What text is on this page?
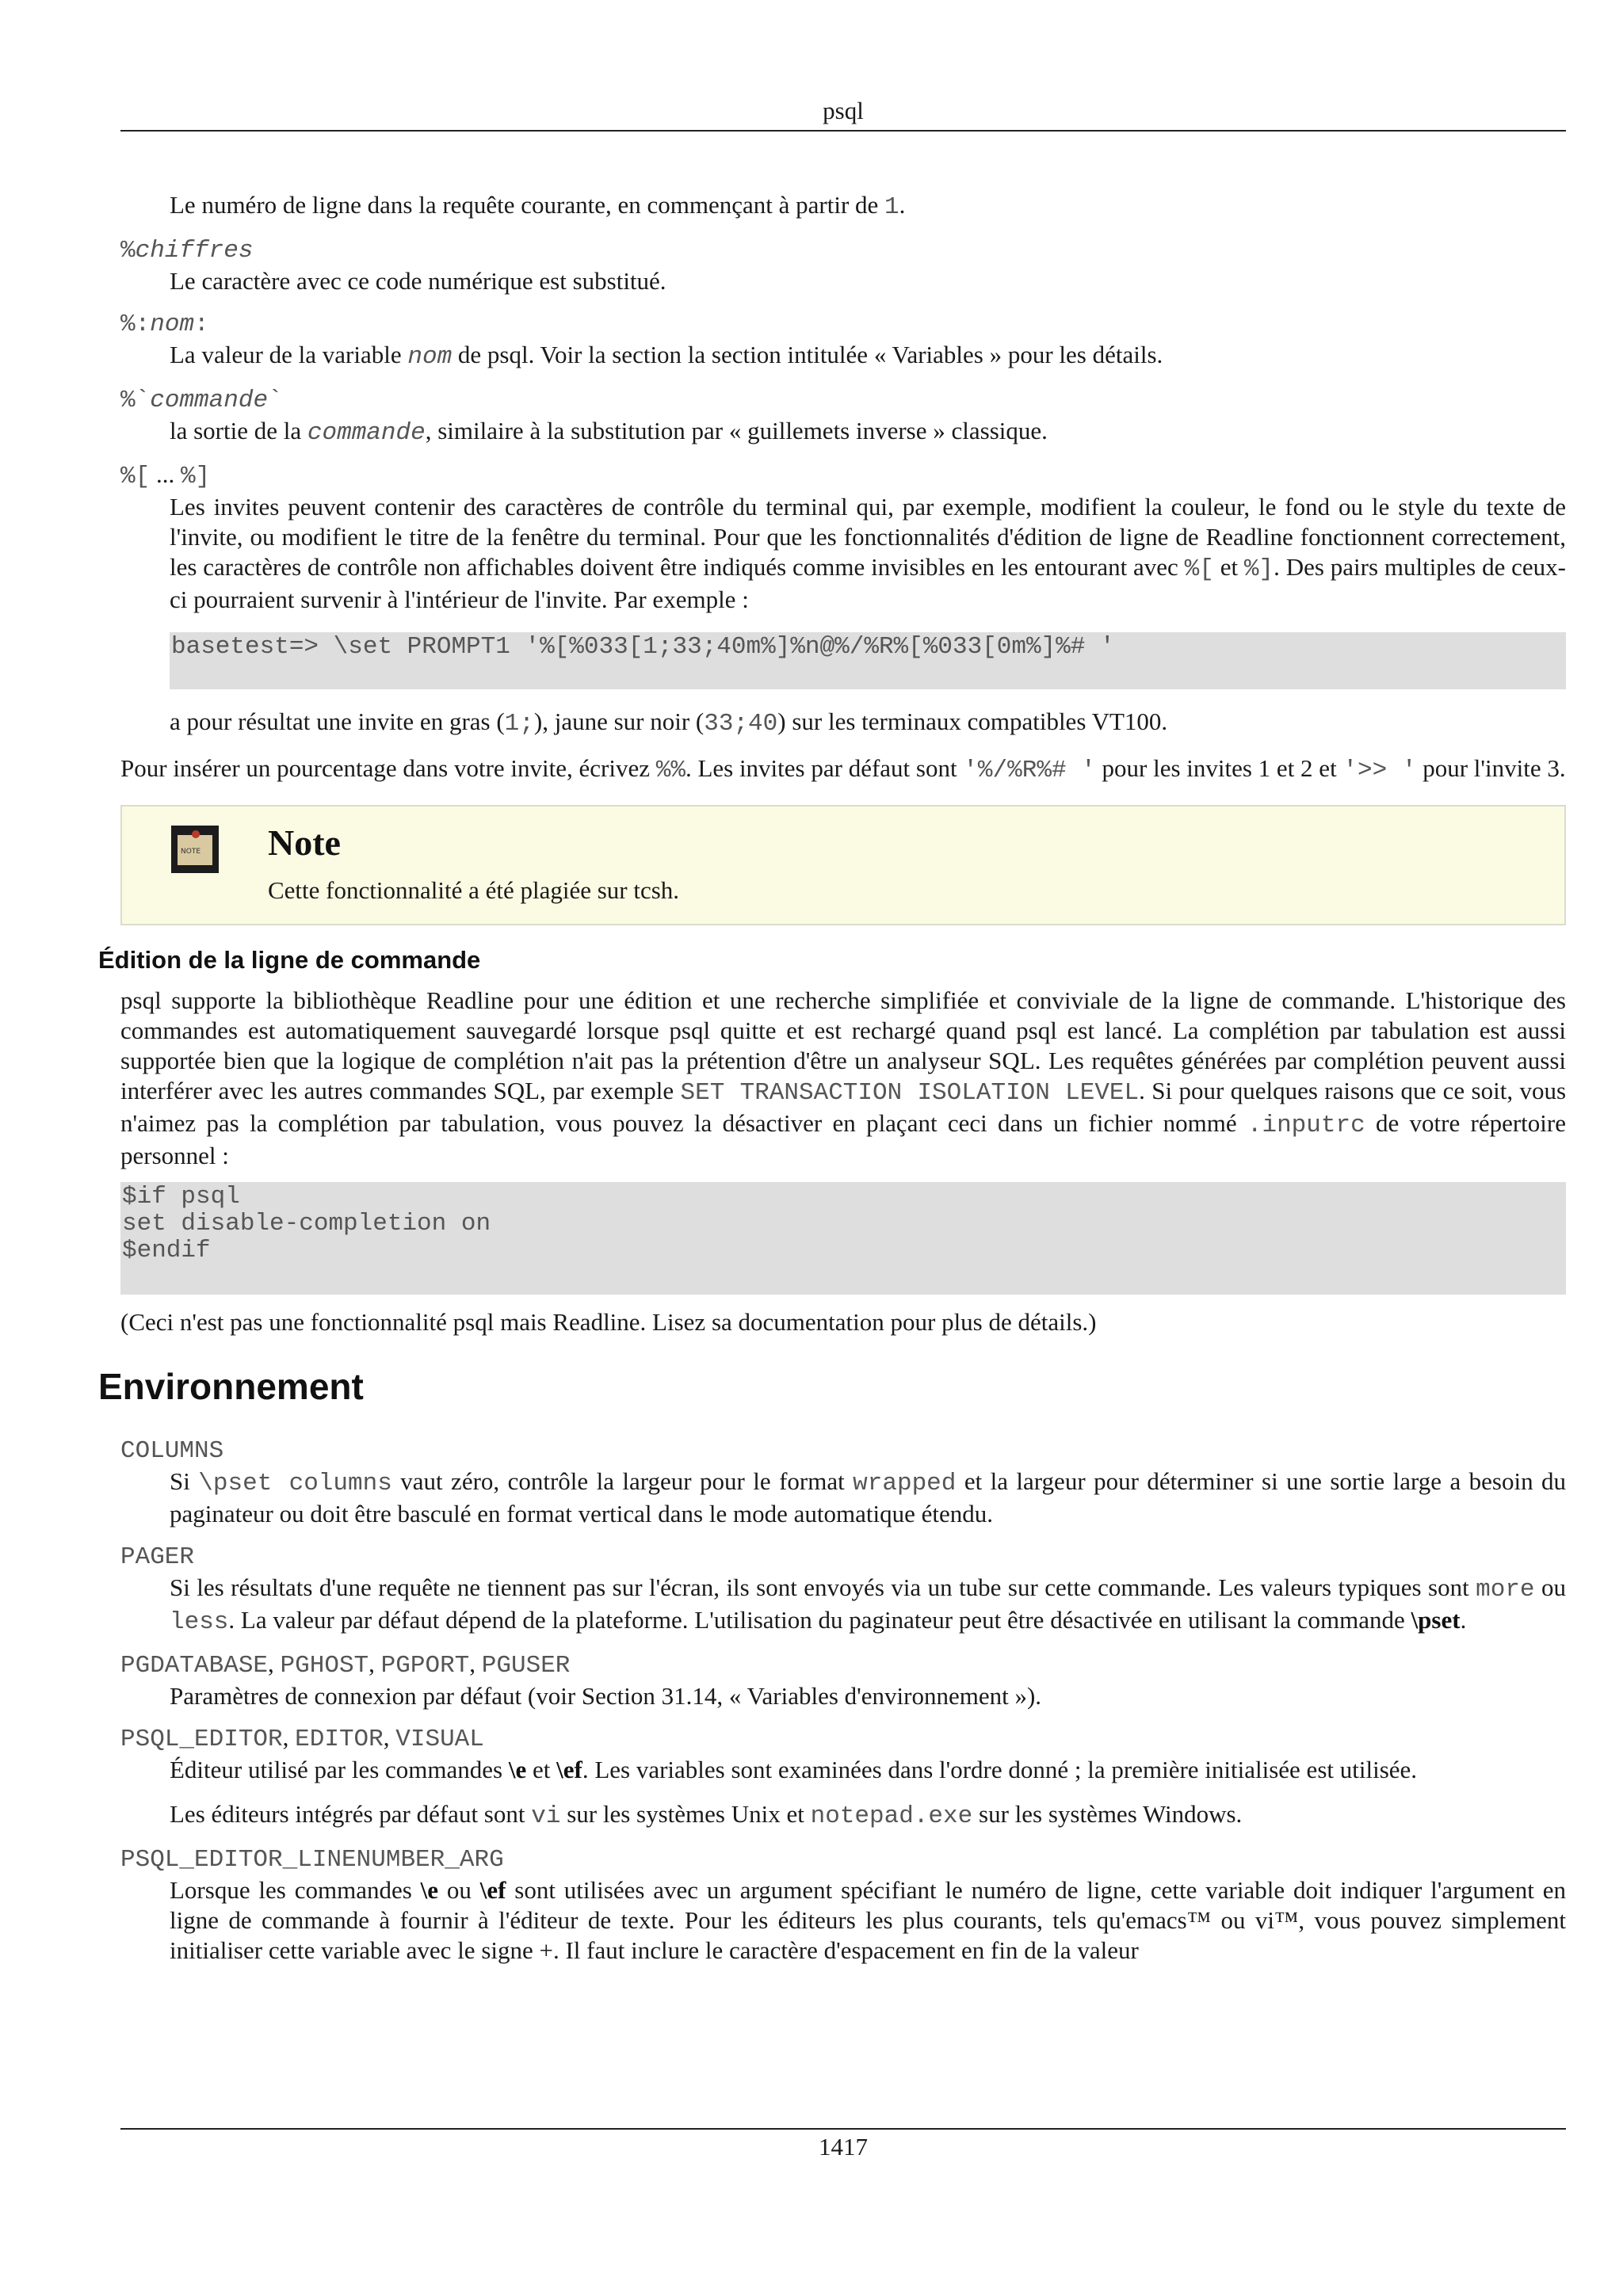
psql
Le numéro de ligne dans la requête courante, en commençant à partir de 1.
%chiffres
Le caractère avec ce code numérique est substitué.
%:nom:
La valeur de la variable nom de psql. Voir la section la section intitulée « Variables » pour les détails.
%`commande`
la sortie de la commande, similaire à la substitution par « guillemets inverse » classique.
%[ ... %]
Les invites peuvent contenir des caractères de contrôle du terminal qui, par exemple, modifient la couleur, le fond ou le style du texte de l'invite, ou modifient le titre de la fenêtre du terminal. Pour que les fonctionnalités d'édition de ligne de Readline fonctionnent correctement, les caractères de contrôle non affichables doivent être indiqués comme invisibles en les entourant avec %[ et %]. Des pairs multiples de ceux-ci pourraient survenir à l'intérieur de l'invite. Par exemple :
basetest=> \set PROMPT1 '%[%033[1;33;40m%]%n@%/%R%[%033[0m%]%# '
a pour résultat une invite en gras (1;), jaune sur noir (33;40) sur les terminaux compatibles VT100.
Pour insérer un pourcentage dans votre invite, écrivez %%. Les invites par défaut sont '%/%R%# ' pour les invites 1 et 2 et '>> ' pour l'invite 3.
NOTE Note
Cette fonctionnalité a été plagiée sur tcsh.
Édition de la ligne de commande
psql supporte la bibliothèque Readline pour une édition et une recherche simplifiée et conviviale de la ligne de commande. L'historique des commandes est automatiquement sauvegardé lorsque psql quitte et est rechargé quand psql est lancé. La complétion par tabulation est aussi supportée bien que la logique de complétion n'ait pas la prétention d'être un analyseur SQL. Les requêtes générées par complétion peuvent aussi interférer avec les autres commandes SQL, par exemple SET TRANSACTION ISOLATION LEVEL. Si pour quelques raisons que ce soit, vous n'aimez pas la complétion par tabulation, vous pouvez la désactiver en plaçant ceci dans un fichier nommé .inputrc de votre répertoire personnel :
$if psql
set disable-completion on
$endif
(Ceci n'est pas une fonctionnalité psql mais Readline. Lisez sa documentation pour plus de détails.)
Environnement
COLUMNS
Si \pset columns vaut zéro, contrôle la largeur pour le format wrapped et la largeur pour déterminer si une sortie large a besoin du paginateur ou doit être basculé en format vertical dans le mode automatique étendu.
PAGER
Si les résultats d'une requête ne tiennent pas sur l'écran, ils sont envoyés via un tube sur cette commande. Les valeurs typiques sont more ou less. La valeur par défaut dépend de la plateforme. L'utilisation du paginateur peut être désactivée en utilisant la commande \pset.
PGDATABASE, PGHOST, PGPORT, PGUSER
Paramètres de connexion par défaut (voir Section 31.14, « Variables d'environnement »).
PSQL_EDITOR, EDITOR, VISUAL
Éditeur utilisé par les commandes \e et \ef. Les variables sont examinées dans l'ordre donné ; la première initialisée est utilisée.
Les éditeurs intégrés par défaut sont vi sur les systèmes Unix et notepad.exe sur les systèmes Windows.
PSQL_EDITOR_LINENUMBER_ARG
Lorsque les commandes \e ou \ef sont utilisées avec un argument spécifiant le numéro de ligne, cette variable doit indiquer l'argument en ligne de commande à fournir à l'éditeur de texte. Pour les éditeurs les plus courants, tels qu'emacs™ ou vi™, vous pouvez simplement initialiser cette variable avec le signe +. Il faut inclure le caractère d'espacement en fin de la valeur
1417
